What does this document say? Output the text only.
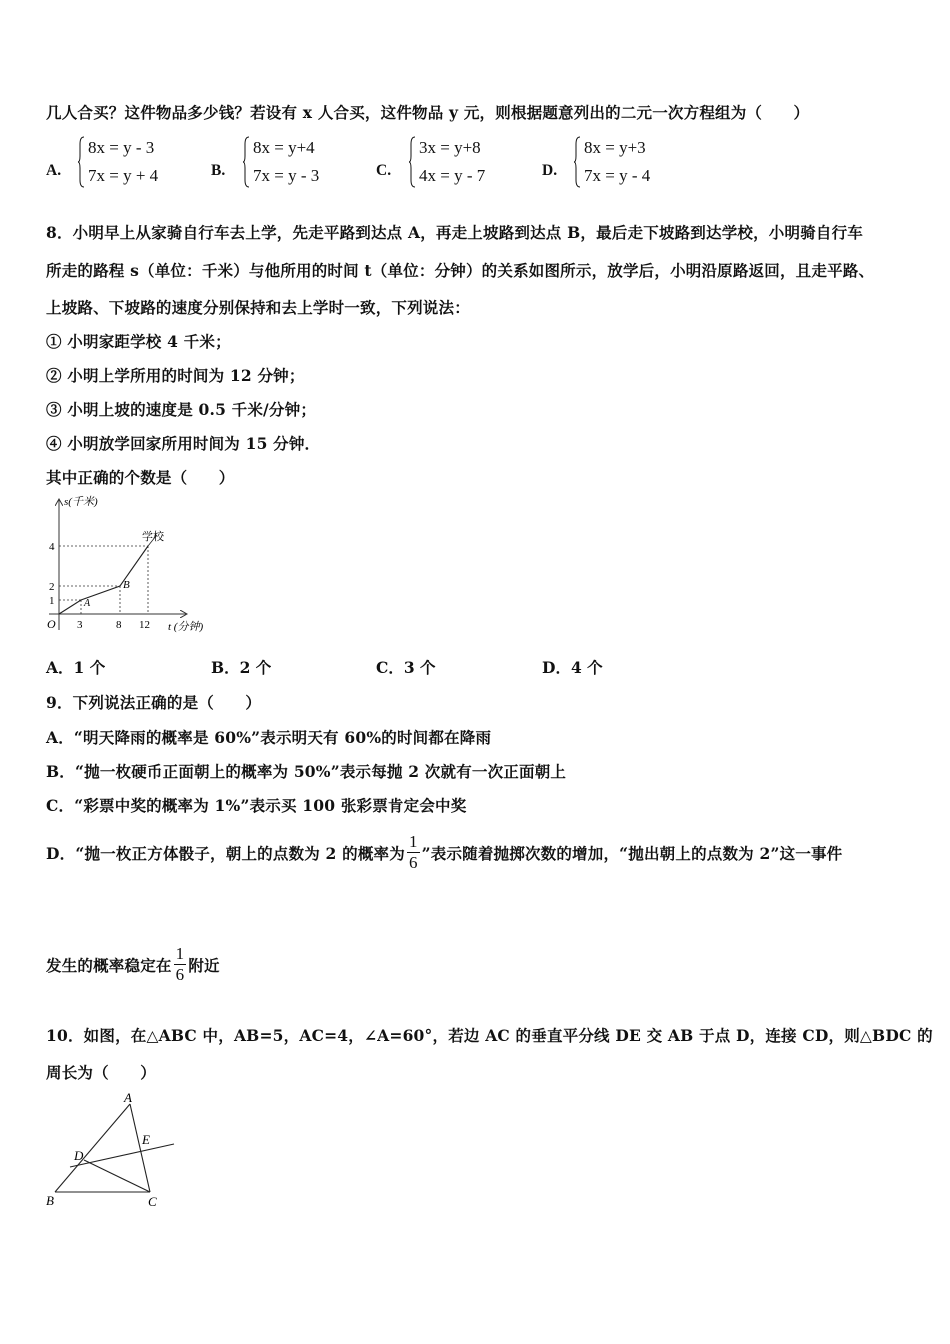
几人合买？这件物品多少钱？若设有 x 人合买，这件物品 y 元，则根据题意列出的二元一次方程组为（　　）
A.
8x = y - 3
7x = y + 4	B.
8x = y+4
7x = y - 3	C.
3x = y+8
4x = y - 7	D.
8x = y+3
7x = y - 4
8．小明早上从家骑自行车去上学，先走平路到达点 A，再走上坡路到达点 B，最后走下坡路到达学校，小明骑自行车
所走的路程 s（单位：千米）与他所用的时间 t（单位：分钟）的关系如图所示，放学后，小明沿原路返回，且走平路、
上坡路、下坡路的速度分别保持和去上学时一致，下列说法：
① 小明家距学校 4 千米；
② 小明上学所用的时间为 12 分钟；
③ 小明上坡的速度是 0.5 千米/分钟；
④ 小明放学回家所用时间为 15 分钟．
其中正确的个数是（　　）
s(千米)
t (分钟)
O
学校
A
B
3	8 12
1
2
4
A．1 个	B．2 个	C．3 个	D．4 个
9．下列说法正确的是（　　）
A．“明天降雨的概率是 60%”表示明天有 60%的时间都在降雨
B．“抛一枚硬币正面朝上的概率为 50%”表示每抛 2 次就有一次正面朝上
C．“彩票中奖的概率为 1%”表示买 100 张彩票肯定会中奖
D．“抛一枚正方体骰子，朝上的点数为 2 的概率为 $\frac{1}{6}$ ”表示随着抛掷次数的增加，“抛出朝上的点数为 2”这一事件
发生的概率稳定在 $\frac{1}{6}$ 附近
10．如图，在△ABC 中，AB=5，AC=4，∠A=60°，若边 AC 的垂直平分线 DE 交 AB 于点 D，连接 CD，则△BDC 的
周长为（　　）
A
B	C
D
E
